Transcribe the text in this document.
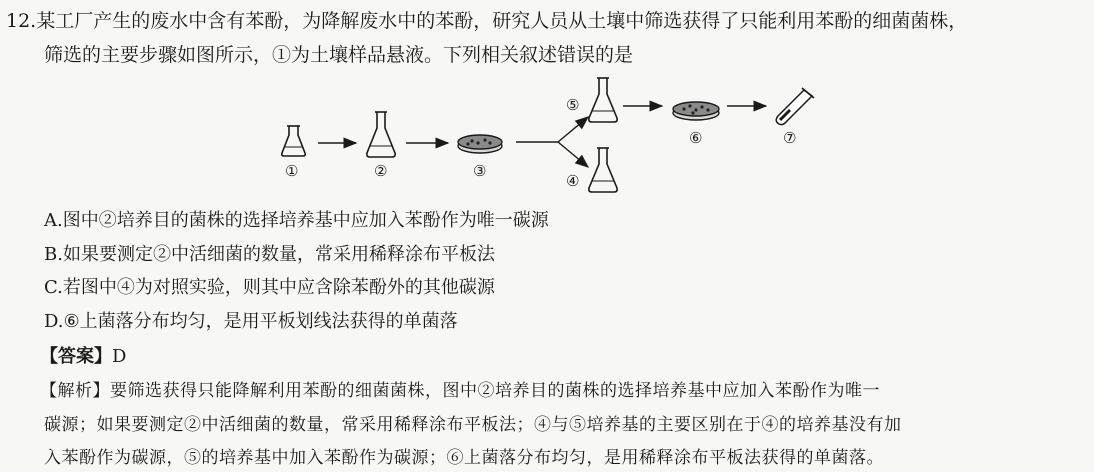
12.某工厂产生的废水中含有苯酚，为降解废水中的苯酚，研究人员从土壤中筛选获得了只能利用苯酚的细菌菌株，
筛选的主要步骤如图所示，①为土壤样品悬液。下列相关叙述错误的是
①	②	③
⑤
④
⑥	⑦
A.图中②培养目的菌株的选择培养基中应加入苯酚作为唯一碳源
B.如果要测定②中活细菌的数量，常采用稀释涂布平板法
C.若图中④为对照实验，则其中应含除苯酚外的其他碳源
D.⑥上菌落分布均匀，是用平板划线法获得的单菌落
【答案】D
【解析】要筛选获得只能降解利用苯酚的细菌菌株，图中②培养目的菌株的选择培养基中应加入苯酚作为唯一
碳源；如果要测定②中活细菌的数量，常采用稀释涂布平板法；④与⑤培养基的主要区别在于④的培养基没有加
入苯酚作为碳源，⑤的培养基中加入苯酚作为碳源；⑥上菌落分布均匀，是用稀释涂布平板法获得的单菌落。
